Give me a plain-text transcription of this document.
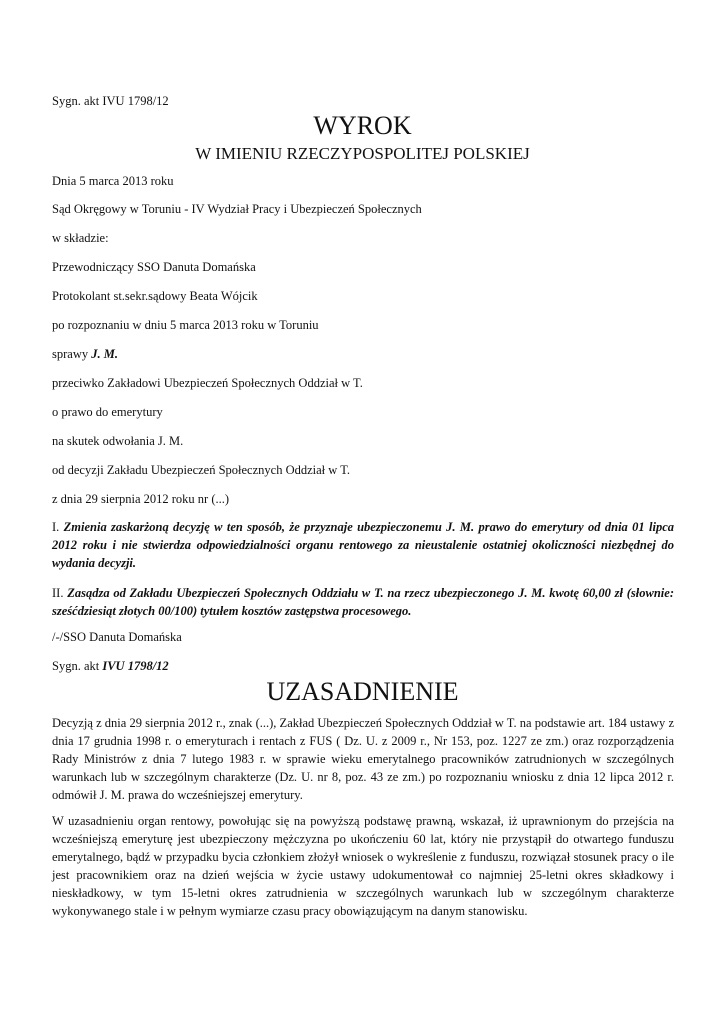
Sygn. akt IVU 1798/12

WYROK
W IMIENIU RZECZYPOSPOLITEJ POLSKIEJ

Dnia 5 marca 2013 roku

Sąd Okręgowy w Toruniu - IV Wydział Pracy i Ubezpieczeń Społecznych

w składzie:

Przewodniczący SSO Danuta Domańska

Protokolant st.sekr.sądowy Beata Wójcik

po rozpoznaniu w dniu 5 marca 2013 roku w Toruniu

sprawy J. M.

przeciwko Zakładowi Ubezpieczeń Społecznych Oddział w T.

o prawo do emerytury

na skutek odwołania J. M.

od decyzji Zakładu Ubezpieczeń Społecznych Oddział w T.

z dnia 29 sierpnia 2012 roku nr (...)

I. Zmienia zaskarżoną decyzję w ten sposób, że przyznaje ubezpieczonemu J. M. prawo do emerytury od dnia 01 lipca 2012 roku i nie stwierdza odpowiedzialności organu rentowego za nieustalenie ostatniej okoliczności niezbędnej do wydania decyzji.

II. Zasądza od Zakładu Ubezpieczeń Społecznych Oddziału w T. na rzecz ubezpieczonego J. M. kwotę 60,00 zł (słownie: sześćdziesiąt złotych 00/100) tytułem kosztów zastępstwa procesowego.

/-/SSO Danuta Domańska

Sygn. akt IVU 1798/12

UZASADNIENIE

Decyzją z dnia 29 sierpnia 2012 r., znak (...), Zakład Ubezpieczeń Społecznych Oddział w T. na podstawie art. 184 ustawy z dnia 17 grudnia 1998 r. o emeryturach i rentach z FUS ( Dz. U. z 2009 r., Nr 153, poz. 1227 ze zm.) oraz rozporządzenia Rady Ministrów z dnia 7 lutego 1983 r. w sprawie wieku emerytalnego pracowników zatrudnionych w szczególnych warunkach lub w szczególnym charakterze (Dz. U. nr 8, poz. 43 ze zm.) po rozpoznaniu wniosku z dnia 12 lipca 2012 r. odmówił J. M. prawa do wcześniejszej emerytury.

W uzasadnieniu organ rentowy, powołując się na powyższą podstawę prawną, wskazał, iż uprawnionym do przejścia na wcześniejszą emeryturę jest ubezpieczony mężczyzna po ukończeniu 60 lat, który nie przystąpił do otwartego funduszu emerytalnego, bądź w przypadku bycia członkiem złożył wniosek o wykreślenie z funduszu, rozwiązał stosunek pracy o ile jest pracownikiem oraz na dzień wejścia w życie ustawy udokumentował co najmniej 25-letni okres składkowy i nieskładkowy, w tym 15-letni okres zatrudnienia w szczególnych warunkach lub w szczególnym charakterze wykonywanego stale i w pełnym wymiarze czasu pracy obowiązującym na danym stanowisku.
